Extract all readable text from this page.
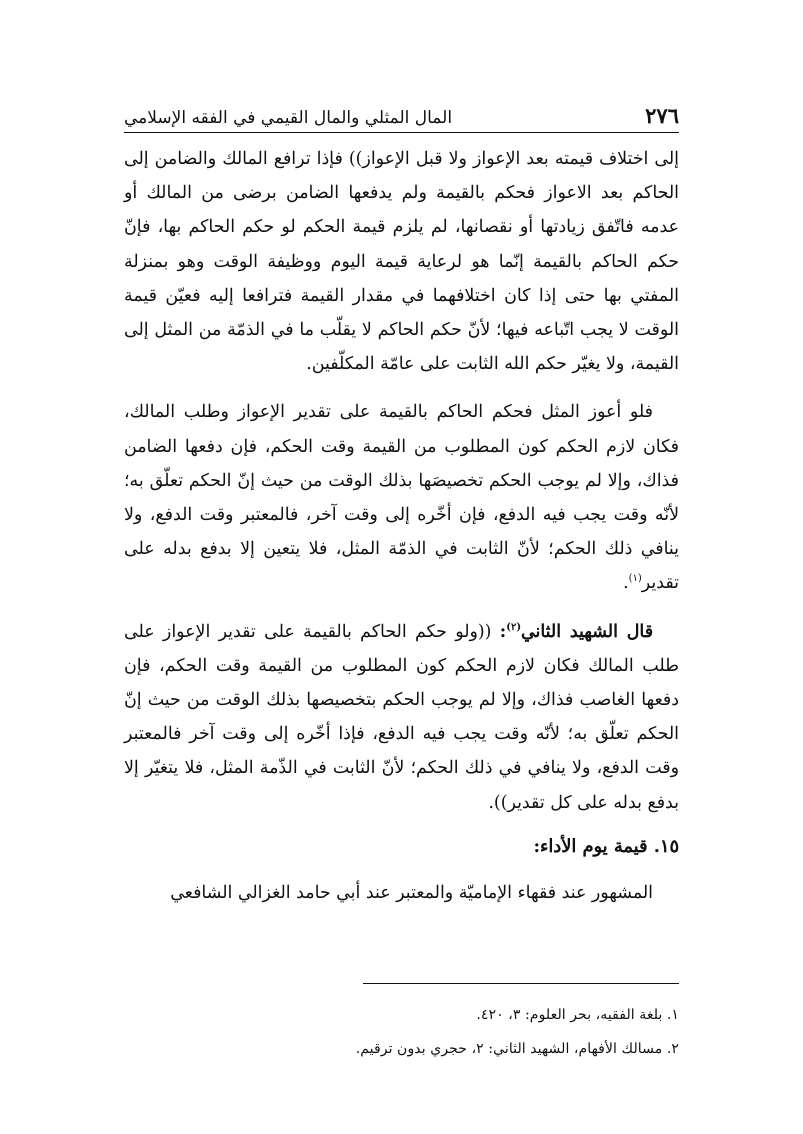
٢٧٦
المال المثلي والمال القيمي في الفقه الإسلامي

إلى اختلاف قيمته بعد الإعواز ولا قبل الإعواز)) فإذا ترافع المالك والضامن إلى الحاكم بعد الاعواز فحكم بالقيمة ولم يدفعها الضامن برضى من المالك أو عدمه فاتّفق زيادتها أو نقصانها، لم يلزم قيمة الحكم لو حكم الحاكم بها، فإنّ حكم الحاكم بالقيمة إنّما هو لرعاية قيمة اليوم ووظيفة الوقت وهو بمنزلة المفتي بها حتى إذا كان اختلافهما في مقدار القيمة فترافعا إليه فعيّن قيمة الوقت لا يجب اتّباعه فيها؛ لأنّ حكم الحاكم لا يقلّب ما في الذمّة من المثل إلى القيمة، ولا يغيّر حكم الله الثابت على عامّة المكلّفين.

فلو أعوز المثل فحكم الحاكم بالقيمة على تقدير الإعواز وطلب المالك، فكان لازم الحكم كون المطلوب من القيمة وقت الحكم، فإن دفعها الضامن فذاك، وإلا لم يوجب الحكم تخصيصَها بذلك الوقت من حيث إنّ الحكم تعلّق به؛ لأنّه وقت يجب فيه الدفع، فإن أخّره إلى وقت آخر، فالمعتبر وقت الدفع، ولا ينافي ذلك الحكم؛ لأنّ الثابت في الذمّة المثل، فلا يتعين إلا بدفع بدله على تقدير$^{(١)}$.

قال الشهيد الثاني$^{(٢)}$: ((ولو حكم الحاكم بالقيمة على تقدير الإعواز على طلب المالك فكان لازم الحكم كون المطلوب من القيمة وقت الحكم، فإن دفعها الغاصب فذاك، وإلا لم يوجب الحكم بتخصيصها بذلك الوقت من حيث إنّ الحكم تعلّق به؛ لأنّه وقت يجب فيه الدفع، فإذا أخّره إلى وقت آخر فالمعتبر وقت الدفع، ولا ينافي في ذلك الحكم؛ لأنّ الثابت في الذّمة المثل، فلا يتغيّر إلا بدفع بدله على كل تقدير)).

١٥. قيمة يوم الأداء:

المشهور عند فقهاء الإماميّة والمعتبر عند أبي حامد الغزالي الشافعي

١. بلغة الفقيه، بحر العلوم: ٣، ٤٢٠.

٢. مسالك الأفهام، الشهيد الثاني: ٢، حجري بدون ترقيم.
